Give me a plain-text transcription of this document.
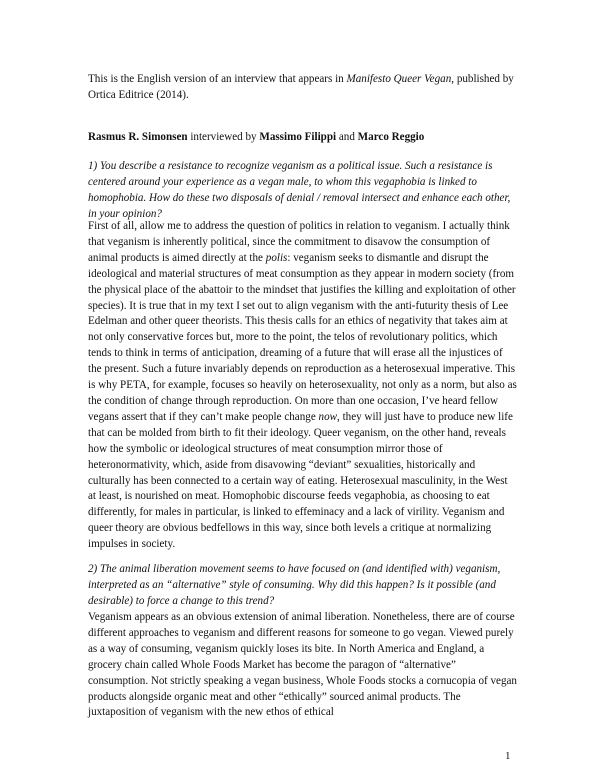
This is the English version of an interview that appears in Manifesto Queer Vegan, published by Ortica Editrice (2014).

Rasmus R. Simonsen interviewed by Massimo Filippi and Marco Reggio

1) You describe a resistance to recognize veganism as a political issue. Such a resistance is centered around your experience as a vegan male, to whom this vegaphobia is linked to homophobia. How do these two disposals of denial / removal intersect and enhance each other, in your opinion?

First of all, allow me to address the question of politics in relation to veganism. I actually think that veganism is inherently political, since the commitment to disavow the consumption of animal products is aimed directly at the polis: veganism seeks to dismantle and disrupt the ideological and material structures of meat consumption as they appear in modern society (from the physical place of the abattoir to the mindset that justifies the killing and exploitation of other species). It is true that in my text I set out to align veganism with the anti-futurity thesis of Lee Edelman and other queer theorists. This thesis calls for an ethics of negativity that takes aim at not only conservative forces but, more to the point, the telos of revolutionary politics, which tends to think in terms of anticipation, dreaming of a future that will erase all the injustices of the present. Such a future invariably depends on reproduction as a heterosexual imperative. This is why PETA, for example, focuses so heavily on heterosexuality, not only as a norm, but also as the condition of change through reproduction. On more than one occasion, I’ve heard fellow vegans assert that if they can’t make people change now, they will just have to produce new life that can be molded from birth to fit their ideology. Queer veganism, on the other hand, reveals how the symbolic or ideological structures of meat consumption mirror those of heteronormativity, which, aside from disavowing “deviant” sexualities, historically and culturally has been connected to a certain way of eating. Heterosexual masculinity, in the West at least, is nourished on meat. Homophobic discourse feeds vegaphobia, as choosing to eat differently, for males in particular, is linked to effeminacy and a lack of virility. Veganism and queer theory are obvious bedfellows in this way, since both levels a critique at normalizing impulses in society.

2) The animal liberation movement seems to have focused on (and identified with) veganism, interpreted as an “alternative” style of consuming. Why did this happen? Is it possible (and desirable) to force a change to this trend?

Veganism appears as an obvious extension of animal liberation. Nonetheless, there are of course different approaches to veganism and different reasons for someone to go vegan. Viewed purely as a way of consuming, veganism quickly loses its bite. In North America and England, a grocery chain called Whole Foods Market has become the paragon of “alternative” consumption. Not strictly speaking a vegan business, Whole Foods stocks a cornucopia of vegan products alongside organic meat and other “ethically” sourced animal products. The juxtaposition of veganism with the new ethos of ethical

1
